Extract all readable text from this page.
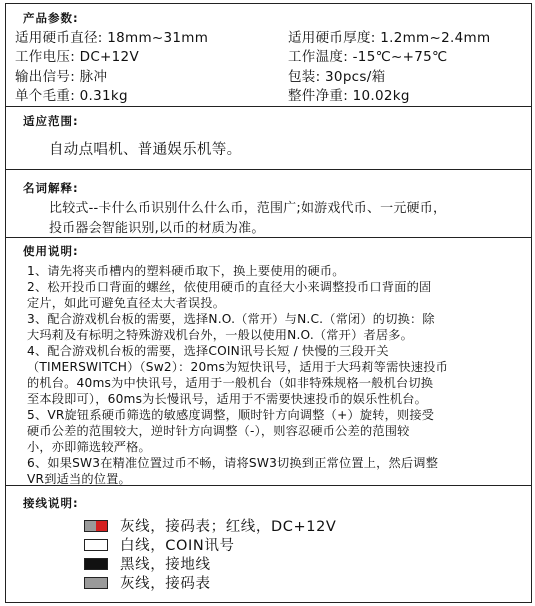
产品参数:
适用硬币直径: 18mm~31mm	适用硬币厚度: 1.2mm~2.4mm
工作电压: DC+12V	工作温度: -15℃~+75℃
输出信号: 脉冲	包装: 30pcs/箱
单个毛重: 0.31kg	整件净重: 10.02kg
适应范围:
自动点唱机、普通娱乐机等。
名词解释:
比较式--卡什么币识别什么什么币，范围广;如游戏代币、一元硬币，
投币器会智能识别,以币的材质为准。
使用说明:
1、请先将夹币槽内的塑料硬币取下，换上要使用的硬币。
2、松开投币口背面的螺丝，依使用硬币的直径大小来调整投币口背面的固
定片，如此可避免直径太大者误投。
3、配合游戏机台板的需要，选择N.O.（常开）与N.C.（常闭）的切换：除
大玛莉及有标明之特殊游戏机台外，一般以使用N.O.（常开）者居多。
4、配合游戏机台板的需要，选择COIN讯号长短 / 快慢的三段开关
（TIMERSWITCH）（Sw2）：20ms为短快讯号，适用于大玛莉等需快速投币
的机台。40ms为中快讯号，适用于一般机台（如非特殊规格一般机台切换
至本段即可），60ms为长慢讯号，适用于不需要快速投币的娱乐性机台。
5、VR旋钮系硬币筛选的敏感度调整，顺时针方向调整（+）旋转，则接受
硬币公差的范围较大，逆时针方向调整（-），则容忍硬币公差的范围较
小，亦即筛选较严格。
6、如果SW3在精准位置过币不畅，请将SW3切换到正常位置上，然后调整
VR到适当的位置。
接线说明:
灰线，接码表；红线，DC+12V
白线，COIN讯号
黑线，接地线
灰线，接码表
